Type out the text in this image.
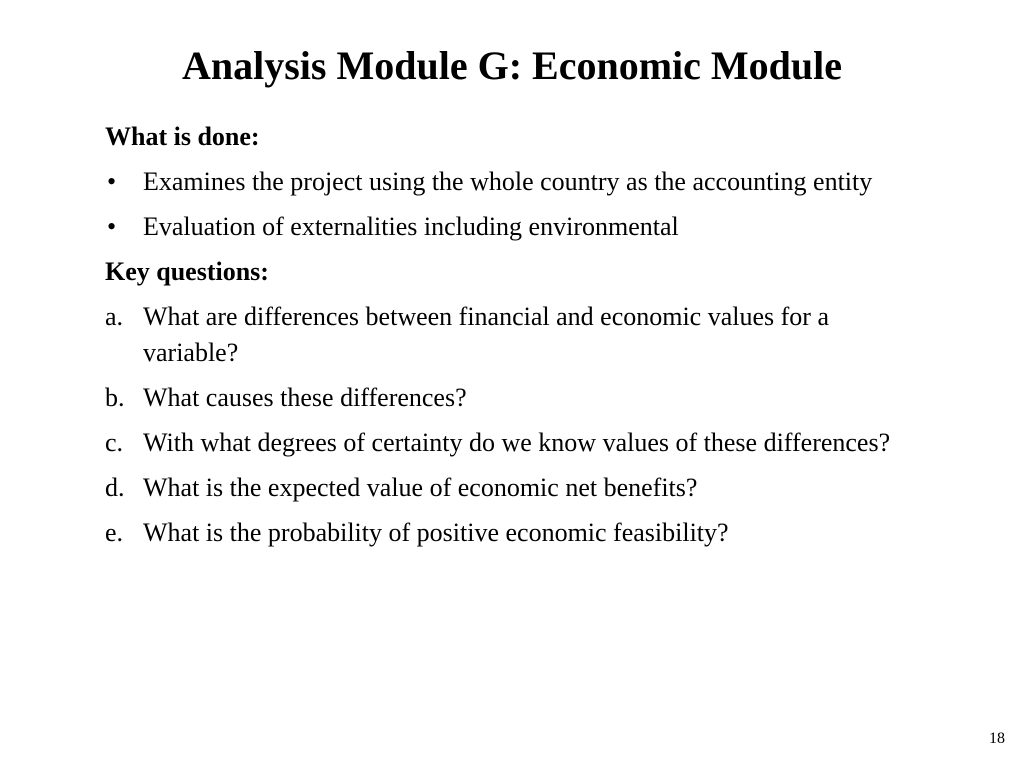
Analysis Module G: Economic Module
What is done:
•	Examines the project using the whole country as the accounting entity
•	Evaluation of externalities including environmental
Key questions:
a. What are differences between financial and economic values for a variable?
b. What causes these differences?
c. With what degrees of certainty do we know values of these differences?
d. What is the expected value of economic net benefits?
e. What is the probability of positive economic feasibility?
18
